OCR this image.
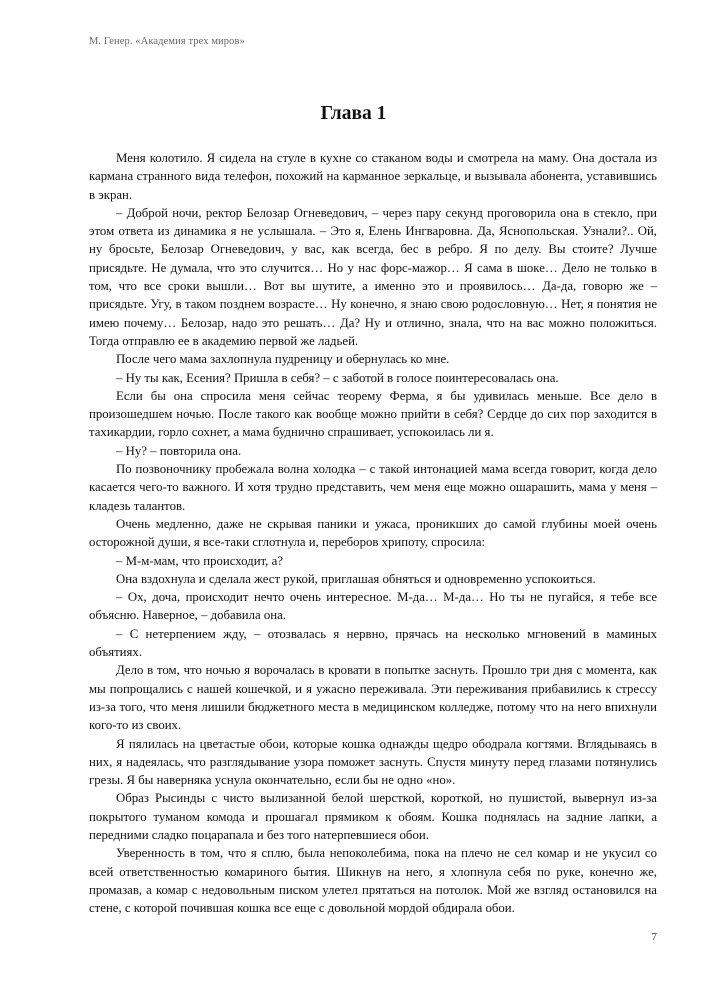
М. Генер. «Академия трех миров»
Глава 1

Меня колотило. Я сидела на стуле в кухне со стаканом воды и смотрела на маму. Она достала из кармана странного вида телефон, похожий на карманное зеркальце, и вызывала абонента, уставившись в экран.

– Доброй ночи, ректор Белозар Огневедович, – через пару секунд проговорила она в стекло, при этом ответа из динамика я не услышала. – Это я, Елень Ингваровна. Да, Яснопольская. Узнали?.. Ой, ну бросьте, Белозар Огневедович, у вас, как всегда, бес в ребро. Я по делу. Вы стоите? Лучше присядьте. Не думала, что это случится… Но у нас форс-мажор… Я сама в шоке… Дело не только в том, что все сроки вышли… Вот вы шутите, а именно это и проявилось… Да-да, говорю же – присядьте. Угу, в таком позднем возрасте… Ну конечно, я знаю свою родословную… Нет, я понятия не имею почему… Белозар, надо это решать… Да? Ну и отлично, знала, что на вас можно положиться. Тогда отправлю ее в академию первой же ладьей.

После чего мама захлопнула пудреницу и обернулась ко мне.

– Ну ты как, Есения? Пришла в себя? – с заботой в голосе поинтересовалась она.

Если бы она спросила меня сейчас теорему Ферма, я бы удивилась меньше. Все дело в произошедшем ночью. После такого как вообще можно прийти в себя? Сердце до сих пор заходится в тахикардии, горло сохнет, а мама буднично спрашивает, успокоилась ли я.

– Ну? – повторила она.

По позвоночнику пробежала волна холодка – с такой интонацией мама всегда говорит, когда дело касается чего-то важного. И хотя трудно представить, чем меня еще можно ошарашить, мама у меня – кладезь талантов.

Очень медленно, даже не скрывая паники и ужаса, проникших до самой глубины моей очень осторожной души, я все-таки сглотнула и, переборов хрипоту, спросила:

– М-м-мам, что происходит, а?

Она вздохнула и сделала жест рукой, приглашая обняться и одновременно успокоиться.

– Ох, доча, происходит нечто очень интересное. М-да… М-да… Но ты не пугайся, я тебе все объясню. Наверное, – добавила она.

– С нетерпением жду, – отозвалась я нервно, прячась на несколько мгновений в маминых объятиях.

Дело в том, что ночью я ворочалась в кровати в попытке заснуть. Прошло три дня с момента, как мы попрощались с нашей кошечкой, и я ужасно переживала. Эти переживания прибавились к стрессу из-за того, что меня лишили бюджетного места в медицинском колледже, потому что на него впихнули кого-то из своих.

Я пялилась на цветастые обои, которые кошка однажды щедро ободрала когтями. Вглядываясь в них, я надеялась, что разглядывание узора поможет заснуть. Спустя минуту перед глазами потянулись грезы. Я бы наверняка уснула окончательно, если бы не одно «но».

Образ Рысинды с чисто вылизанной белой шерсткой, короткой, но пушистой, вывернул из-за покрытого туманом комода и прошагал прямиком к обоям. Кошка поднялась на задние лапки, а передними сладко поцарапала и без того натерпевшиеся обои.

Уверенность в том, что я сплю, была непоколебима, пока на плечо не сел комар и не укусил со всей ответственностью комариного бытия. Шикнув на него, я хлопнула себя по руке, конечно же, промазав, а комар с недовольным писком улетел прятаться на потолок. Мой же взгляд остановился на стене, с которой почившая кошка все еще с довольной мордой обдирала обои.

7
